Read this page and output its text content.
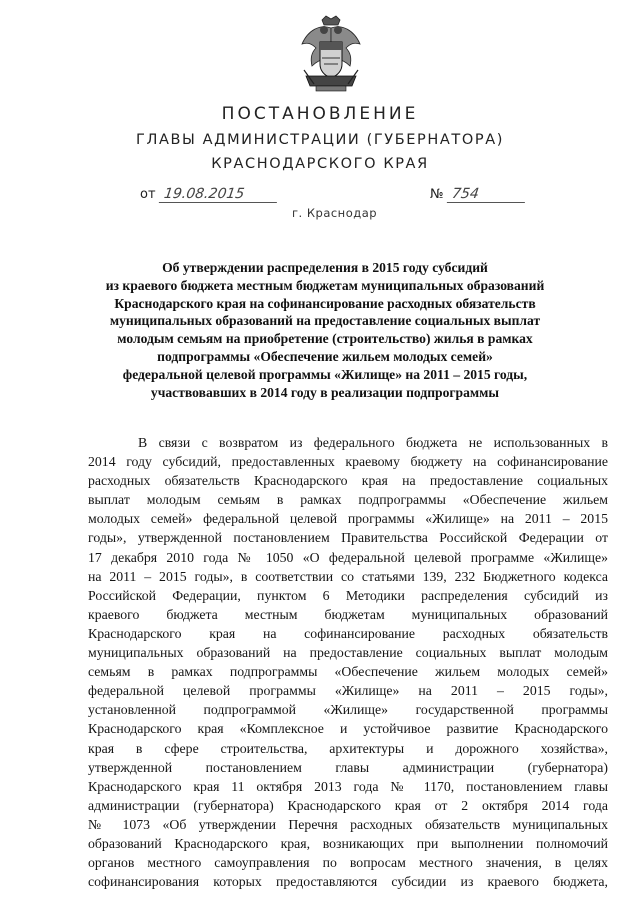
ПОСТАНОВЛЕНИЕ
ГЛАВЫ АДМИНИСТРАЦИИ (ГУБЕРНАТОРА)
КРАСНОДАРСКОГО КРАЯ
от 19.08.2015	№ 754
г. Краснодар
Об утверждении распределения в 2015 году субсидий
из краевого бюджета местным бюджетам муниципальных образований
Краснодарского края на софинансирование расходных обязательств
муниципальных образований на предоставление социальных выплат
молодым семьям на приобретение (строительство) жилья в рамках
подпрограммы «Обеспечение жильем молодых семей»
федеральной целевой программы «Жилище» на 2011 – 2015 годы,
участвовавших в 2014 году в реализации подпрограммы
В связи с возвратом из федерального бюджета не использованных в
2014 году субсидий, предоставленных краевому бюджету на софинансирование
расходных обязательств Краснодарского края на предоставление социальных
выплат молодым семьям в рамках подпрограммы «Обеспечение жильем
молодых семей» федеральной целевой программы «Жилище» на 2011 – 2015
годы», утвержденной постановлением Правительства Российской Федерации от
17 декабря 2010 года № 1050 «О федеральной целевой программе «Жилище»
на 2011 – 2015 годы», в соответствии со статьями 139, 232 Бюджетного кодекса
Российской Федерации, пунктом 6 Методики распределения субсидий из
краевого бюджета местным бюджетам муниципальных образований
Краснодарского края на софинансирование расходных обязательств
муниципальных образований на предоставление социальных выплат молодым
семьям в рамках подпрограммы «Обеспечение жильем молодых семей»
федеральной целевой программы «Жилище» на 2011 – 2015 годы»,
установленной подпрограммой «Жилище» государственной программы
Краснодарского края «Комплексное и устойчивое развитие Краснодарского
края в сфере строительства, архитектуры и дорожного хозяйства»,
утвержденной постановлением главы администрации (губернатора)
Краснодарского края 11 октября 2013 года № 1170, постановлением главы
администрации (губернатора) Краснодарского края от 2 октября 2014 года
№ 1073 «Об утверждении Перечня расходных обязательств муниципальных
образований Краснодарского края, возникающих при выполнении полномочий
органов местного самоуправления по вопросам местного значения, в целях
софинансирования которых предоставляются субсидии из краевого бюджета,
